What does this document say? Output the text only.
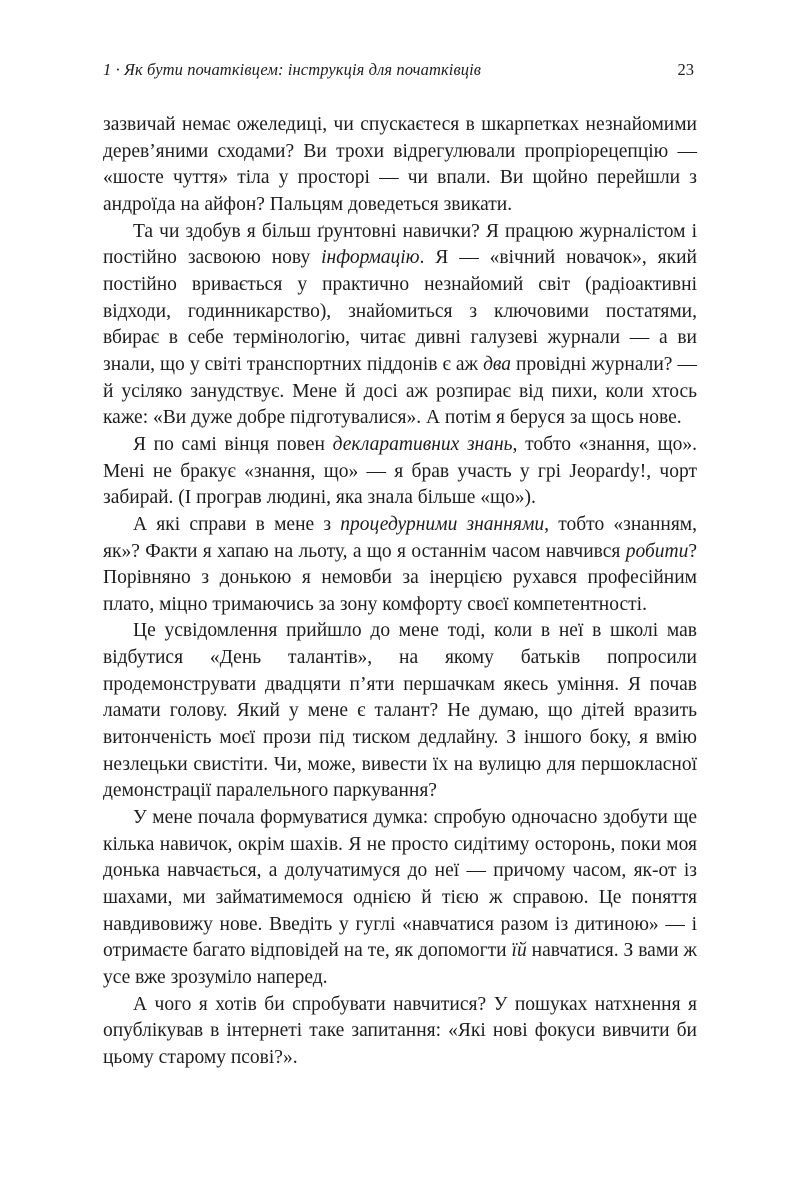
1 · Як бути початківцем: інструкція для початківців	23

зазвичай немає ожеледиці, чи спускаєтеся в шкарпетках незнайомими дерев’яними сходами? Ви трохи відрегулювали пропріорецепцію — «шосте чуття» тіла у просторі — чи впали. Ви щойно перейшли з андроїда на айфон? Пальцям доведеться звикати.

Та чи здобув я більш ґрунтовні навички? Я працюю журналістом і постійно засвоюю нову інформацію. Я — «вічний новачок», який постійно вривається у практично незнайомий світ (радіоактивні відходи, годинникарство), знайомиться з ключовими постатями, вбирає в себе термінологію, читає дивні галузеві журнали — а ви знали, що у світі транспортних піддонів є аж два провідні журнали? — й усіляко занудствує. Мене й досі аж розпирає від пихи, коли хтось каже: «Ви дуже добре підготувалися». А потім я беруся за щось нове.

Я по самі вінця повен декларативних знань, тобто «знання, що». Мені не бракує «знання, що» — я брав участь у грі Jeopardy!, чорт забирай. (І програв людині, яка знала більше «що»).

А які справи в мене з процедурними знаннями, тобто «знанням, як»? Факти я хапаю на льоту, а що я останнім часом навчився робити? Порівняно з донькою я немовби за інерцією рухався професійним плато, міцно тримаючись за зону комфорту своєї компетентності.

Це усвідомлення прийшло до мене тоді, коли в неї в школі мав відбутися «День талантів», на якому батьків попросили продемонструвати двадцяти п’яти першачкам якесь уміння. Я почав ламати голову. Який у мене є талант? Не думаю, що дітей вразить витонченість моєї прози під тиском дедлайну. З іншого боку, я вмію незлецьки свистіти. Чи, може, вивести їх на вулицю для першокласної демонстрації паралельного паркування?

У мене почала формуватися думка: спробую одночасно здобути ще кілька навичок, окрім шахів. Я не просто сидітиму осторонь, поки моя донька навчається, а долучатимуся до неї — причому часом, як-от із шахами, ми займатимемося однією й тією ж справою. Це поняття навдивовижу нове. Введіть у гуглі «навчатися разом із дитиною» — і отримаєте багато відповідей на те, як допомогти їй навчатися. З вами ж усе вже зрозуміло наперед.

А чого я хотів би спробувати навчитися? У пошуках натхнення я опублікував в інтернеті таке запитання: «Які нові фокуси вивчити би цьому старому псові?».
